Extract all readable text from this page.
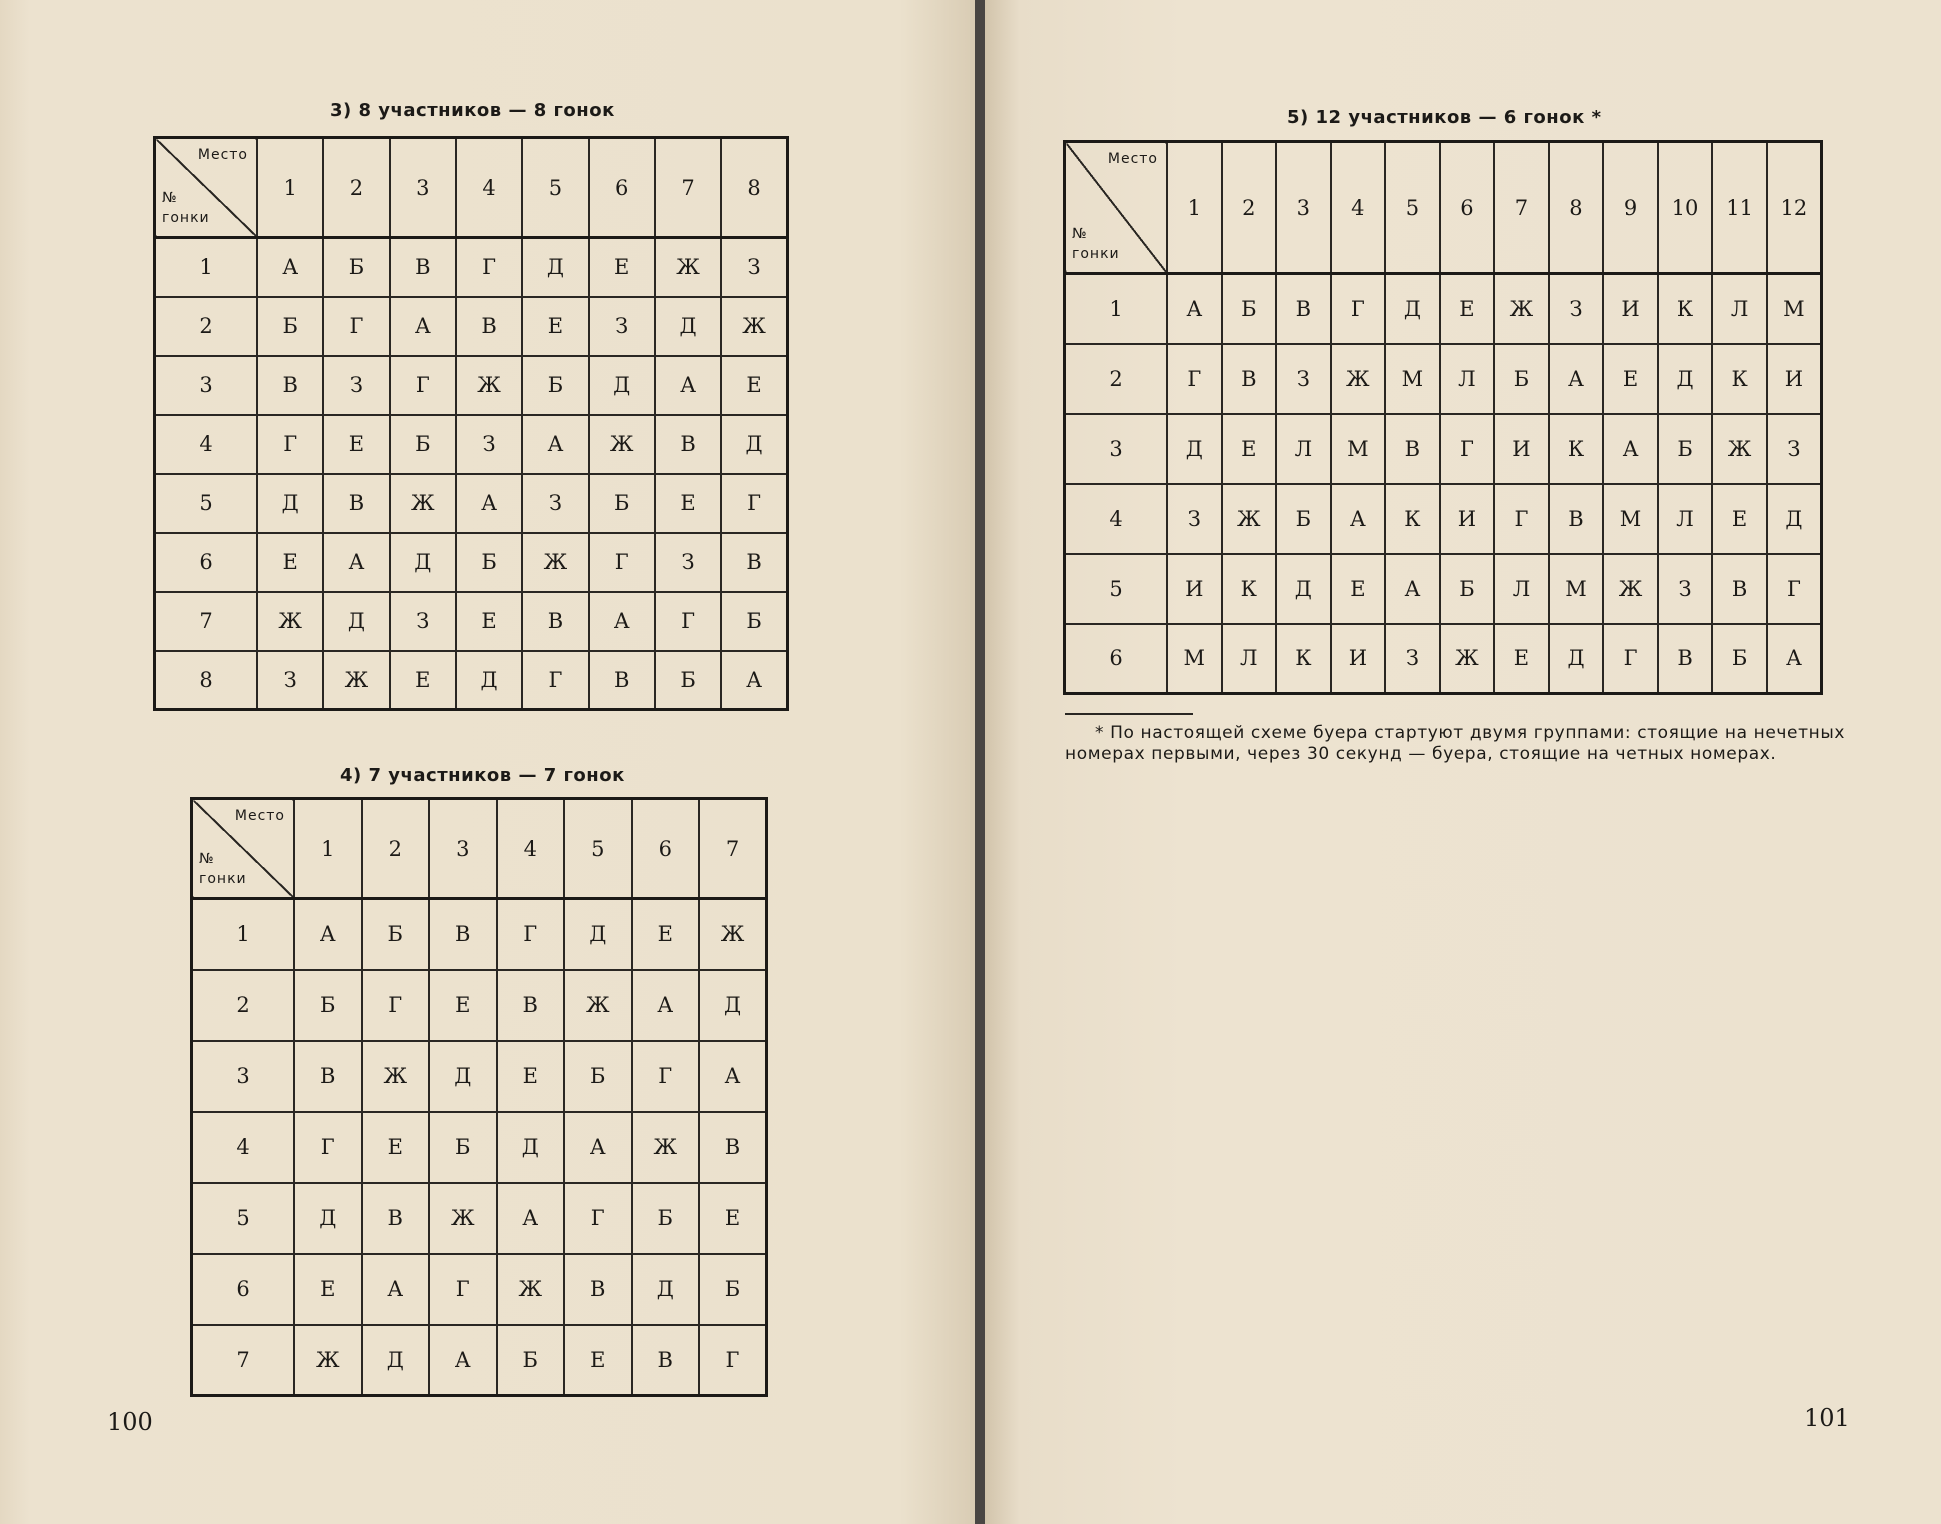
3) 8 участников — 8 гонок
Место
№
гонки	1	2	3	4	5	6	7	8
1	А	Б	В	Г	Д	Е	Ж	З
2	Б	Г	А	В	Е	З	Д	Ж
3	В	З	Г	Ж	Б	Д	А	Е
4	Г	Е	Б	З	А	Ж	В	Д
5	Д	В	Ж	А	З	Б	Е	Г
6	Е	А	Д	Б	Ж	Г	З	В
7	Ж	Д	З	Е	В	А	Г	Б
8	З	Ж	Е	Д	Г	В	Б	А
4) 7 участников — 7 гонок
Место
№
гонки	1	2	3	4	5	6	7
1	А	Б	В	Г	Д	Е	Ж
2	Б	Г	Е	В	Ж	А	Д
3	В	Ж	Д	Е	Б	Г	А
4	Г	Е	Б	Д	А	Ж	В
5	Д	В	Ж	А	Г	Б	Е
6	Е	А	Г	Ж	В	Д	Б
7	Ж	Д	А	Б	Е	В	Г
100
5) 12 участников — 6 гонок *
Место
№
гонки	1	2	3	4	5	6	7	8	9	10	11	12
1	А	Б	В	Г	Д	Е	Ж	З	И	К	Л	М
2	Г	В	З	Ж	М	Л	Б	А	Е	Д	К	И
3	Д	Е	Л	М	В	Г	И	К	А	Б	Ж	З
4	З	Ж	Б	А	К	И	Г	В	М	Л	Е	Д
5	И	К	Д	Е	А	Б	Л	М	Ж	З	В	Г
6	М	Л	К	И	З	Ж	Е	Д	Г	В	Б	А
* По настоящей схеме буера стартуют двумя группами: стоящие на нечетных номерах первыми, через 30 секунд — буера, стоящие на четных номерах.
101
